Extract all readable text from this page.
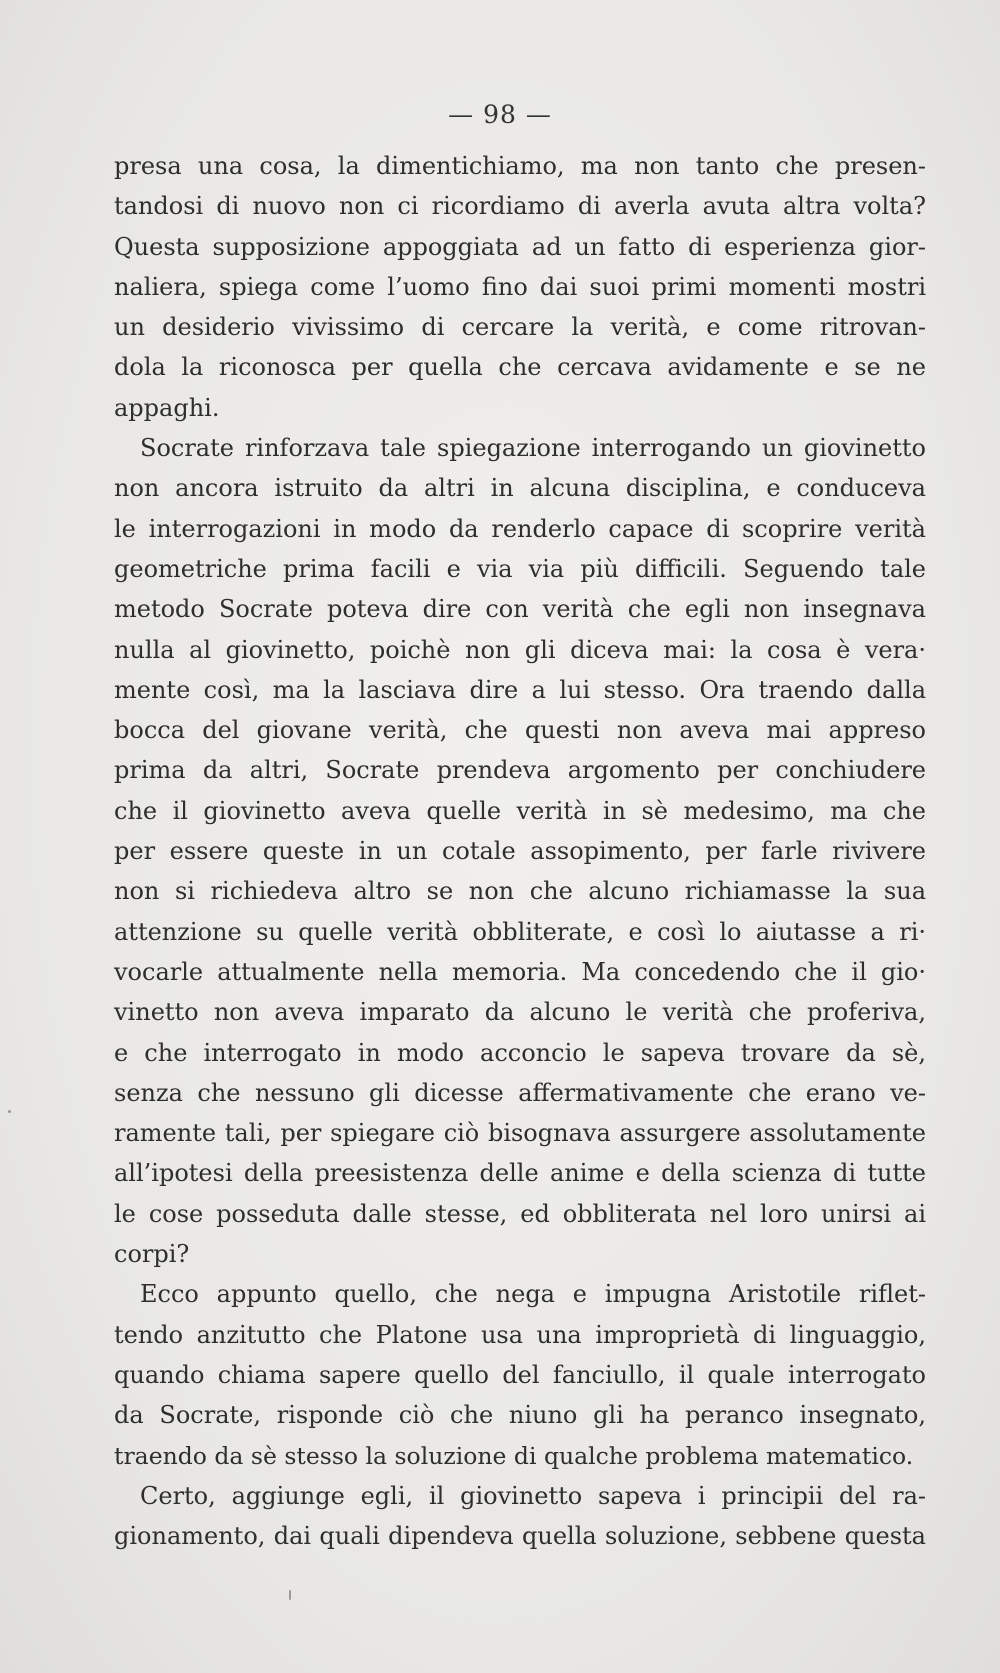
— 98 —
presa una cosa, la dimentichiamo, ma non tanto che presen-
tandosi di nuovo non ci ricordiamo di averla avuta altra volta?
Questa supposizione appoggiata ad un fatto di esperienza gior-
naliera, spiega come l’uomo fino dai suoi primi momenti mostri
un desiderio vivissimo di cercare la verità, e come ritrovan-
dola la riconosca per quella che cercava avidamente e se ne
appaghi.
Socrate rinforzava tale spiegazione interrogando un giovinetto
non ancora istruito da altri in alcuna disciplina, e conduceva
le interrogazioni in modo da renderlo capace di scoprire verità
geometriche prima facili e via via più difficili. Seguendo tale
metodo Socrate poteva dire con verità che egli non insegnava
nulla al giovinetto, poichè non gli diceva mai: la cosa è vera·
mente così, ma la lasciava dire a lui stesso. Ora traendo dalla
bocca del giovane verità, che questi non aveva mai appreso
prima da altri, Socrate prendeva argomento per conchiudere
che il giovinetto aveva quelle verità in sè medesimo, ma che
per essere queste in un cotale assopimento, per farle rivivere
non si richiedeva altro se non che alcuno richiamasse la sua
attenzione su quelle verità obbliterate, e così lo aiutasse a ri·
vocarle attualmente nella memoria. Ma concedendo che il gio·
vinetto non aveva imparato da alcuno le verità che proferiva,
e che interrogato in modo acconcio le sapeva trovare da sè,
senza che nessuno gli dicesse affermativamente che erano ve-
ramente tali, per spiegare ciò bisognava assurgere assolutamente
all’ipotesi della preesistenza delle anime e della scienza di tutte
le cose posseduta dalle stesse, ed obbliterata nel loro unirsi ai
corpi?
Ecco appunto quello, che nega e impugna Aristotile riflet-
tendo anzitutto che Platone usa una improprietà di linguaggio,
quando chiama sapere quello del fanciullo, il quale interrogato
da Socrate, risponde ciò che niuno gli ha peranco insegnato,
traendo da sè stesso la soluzione di qualche problema matematico.
Certo, aggiunge egli, il giovinetto sapeva i principii del ra-
gionamento, dai quali dipendeva quella soluzione, sebbene questa
